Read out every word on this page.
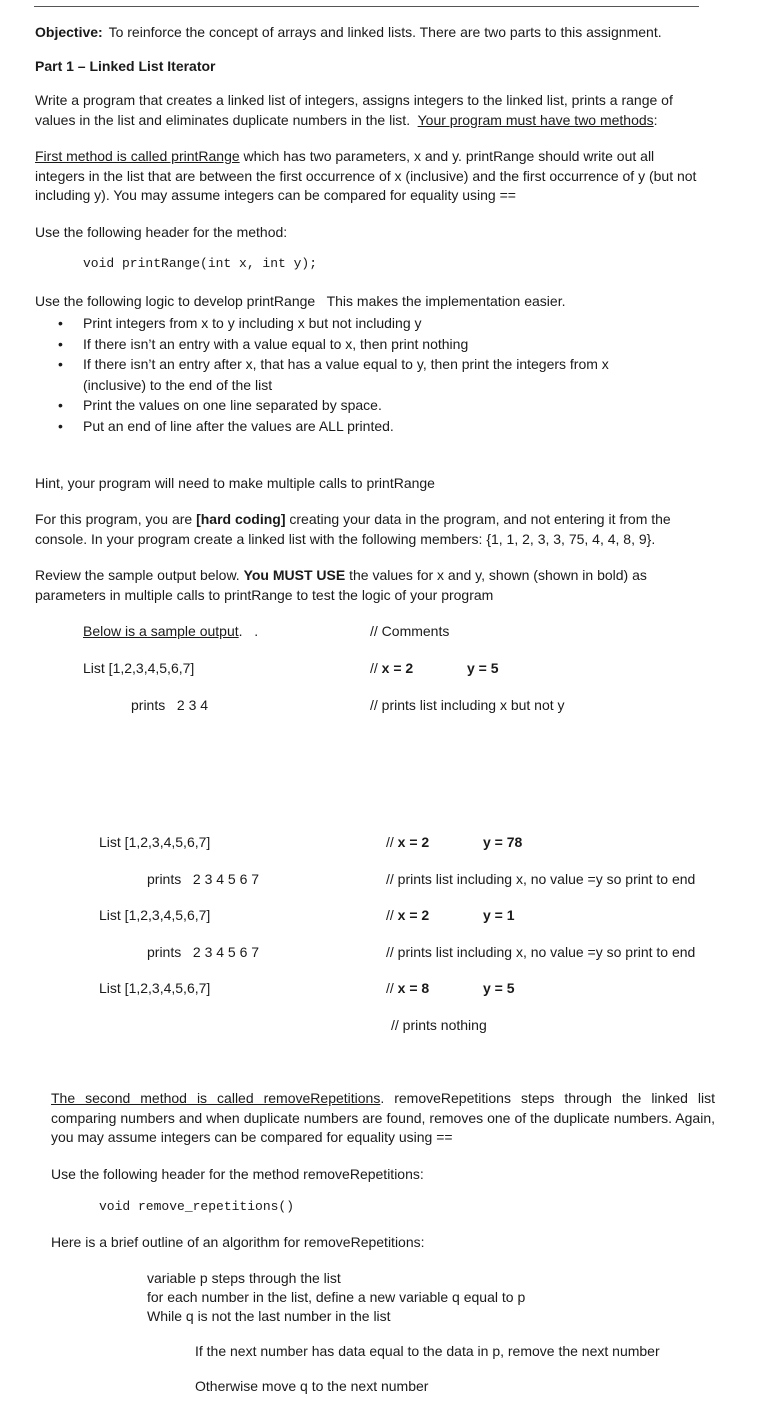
Objective: To reinforce the concept of arrays and linked lists. There are two parts to this assignment.
Part 1 – Linked List Iterator
Write a program that creates a linked list of integers, assigns integers to the linked list, prints a range of values in the list and eliminates duplicate numbers in the list. Your program must have two methods:
First method is called printRange which has two parameters, x and y. printRange should write out all integers in the list that are between the first occurrence of x (inclusive) and the first occurrence of y (but not including y). You may assume integers can be compared for equality using ==
Use the following header for the method:
void printRange(int x, int y);
Use the following logic to develop printRange   This makes the implementation easier.
• Print integers from x to y including x but not including y
• If there isn’t an entry with a value equal to x, then print nothing
• If there isn’t an entry after x, that has a value equal to y, then print the integers from x (inclusive) to the end of the list
• Print the values on one line separated by space.
• Put an end of line after the values are ALL printed.
Hint, your program will need to make multiple calls to printRange
For this program, you are [hard coding] creating your data in the program, and not entering it from the console. In your program create a linked list with the following members: {1, 1, 2, 3, 3, 75, 4, 4, 8, 9}.
Review the sample output below. You MUST USE the values for x and y, shown (shown in bold) as parameters in multiple calls to printRange to test the logic of your program
Below is a sample output.   .	// Comments
List [1,2,3,4,5,6,7]	// x = 2	y = 5
prints 2 3 4	// prints list including x but not y
List [1,2,3,4,5,6,7]	// x = 2	y = 78
prints 2 3 4 5 6 7	// prints list including x, no value =y so print to end
List [1,2,3,4,5,6,7]	// x = 2	y = 1
prints 2 3 4 5 6 7	// prints list including x, no value =y so print to end
List [1,2,3,4,5,6,7]	// x = 8	y = 5
// prints nothing
The second method is called removeRepetitions. removeRepetitions steps through the linked list comparing numbers and when duplicate numbers are found, removes one of the duplicate numbers. Again, you may assume integers can be compared for equality using ==
Use the following header for the method removeRepetitions:
void remove_repetitions()
Here is a brief outline of an algorithm for removeRepetitions:
variable p steps through the list
for each number in the list, define a new variable q equal to p
While q is not the last number in the list
If the next number has data equal to the data in p, remove the next number
Otherwise move q to the next number
